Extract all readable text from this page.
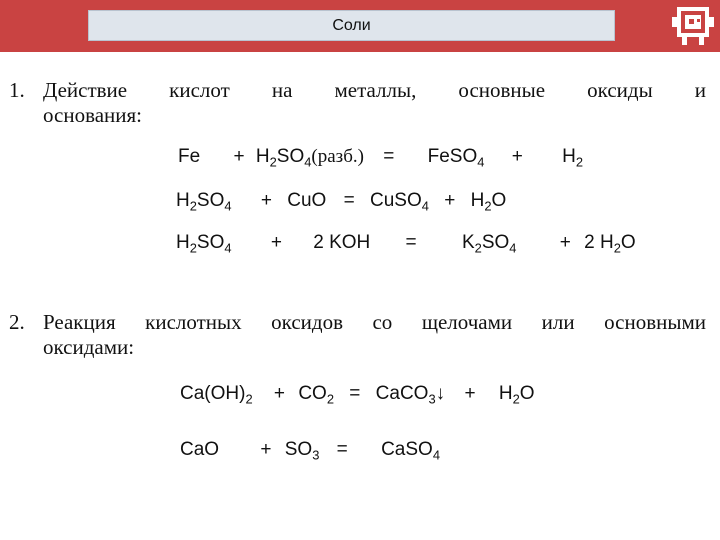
Соли
1. Действие кислот на металлы, основные оксиды и
основания:
$Fe + H_2SO_4(разб.)$ = FeSO$_4$ + $H_2$
$H_2SO_4$ + CuO = CuSO$_4$ + $H_2O$
$H_2SO_4 + 2$ KOH = $K_2SO_4 + 2$ $H_2O$
2. Реакция кислотных оксидов со щелочами или основными
оксидами:
$Ca(OH)_2 + CO_2$ = CaCO$_3$↓ + $H_2O$
CaO + $SO_3$ = CaSO$_4$
